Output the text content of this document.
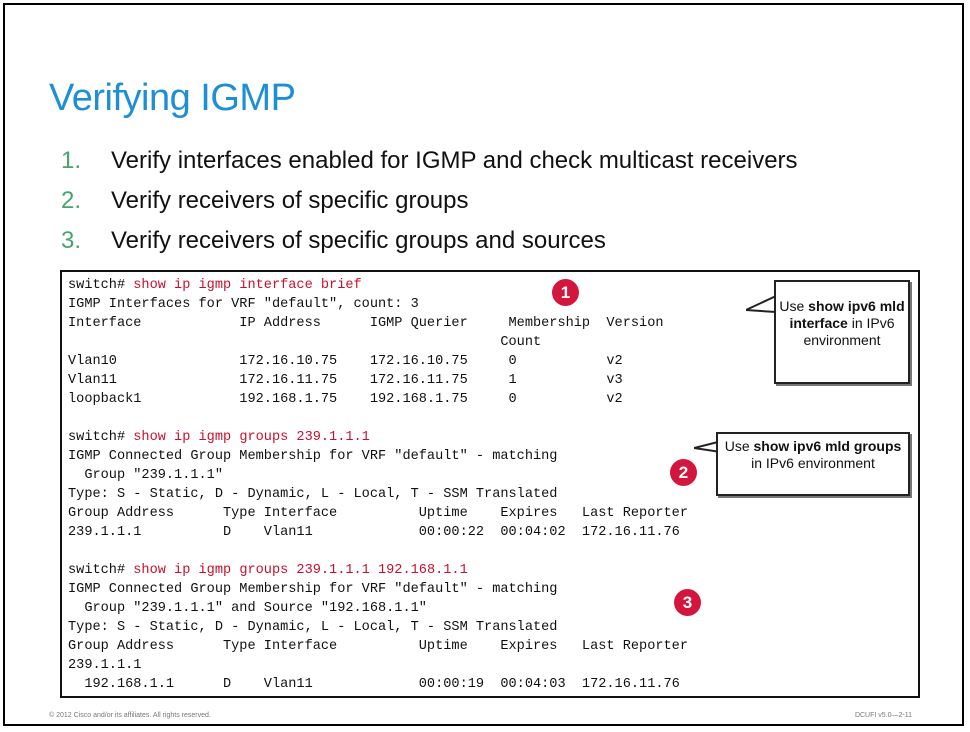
Verifying IGMP
1. Verify interfaces enabled for IGMP and check multicast receivers
2. Verify receivers of specific groups
3. Verify receivers of specific groups and sources
switch# show ip igmp interface brief
IGMP Interfaces for VRF "default", count: 3
Interface            IP Address      IGMP Querier     Membership  Version
Count
Vlan10               172.16.10.75    172.16.10.75     0           v2
Vlan11               172.16.11.75    172.16.11.75     1           v3
loopback1            192.168.1.75    192.168.1.75     0           v2
switch# show ip igmp groups 239.1.1.1
IGMP Connected Group Membership for VRF "default" - matching
Group "239.1.1.1"
Type: S - Static, D - Dynamic, L - Local, T - SSM Translated
Group Address      Type Interface          Uptime    Expires   Last Reporter
239.1.1.1          D    Vlan11             00:00:22  00:04:02  172.16.11.76
switch# show ip igmp groups 239.1.1.1 192.168.1.1
IGMP Connected Group Membership for VRF "default" - matching
Group "239.1.1.1" and Source "192.168.1.1"
Type: S - Static, D - Dynamic, L - Local, T - SSM Translated
Group Address      Type Interface          Uptime    Expires   Last Reporter
239.1.1.1
192.168.1.1      D    Vlan11             00:00:19  00:04:03  172.16.11.76
1
2
3
Use show ipv6 mld interface in IPv6 environment
Use show ipv6 mld groups in IPv6 environment
© 2012 Cisco and/or its affiliates. All rights reserved.	DCUFI v5.0—2-11
